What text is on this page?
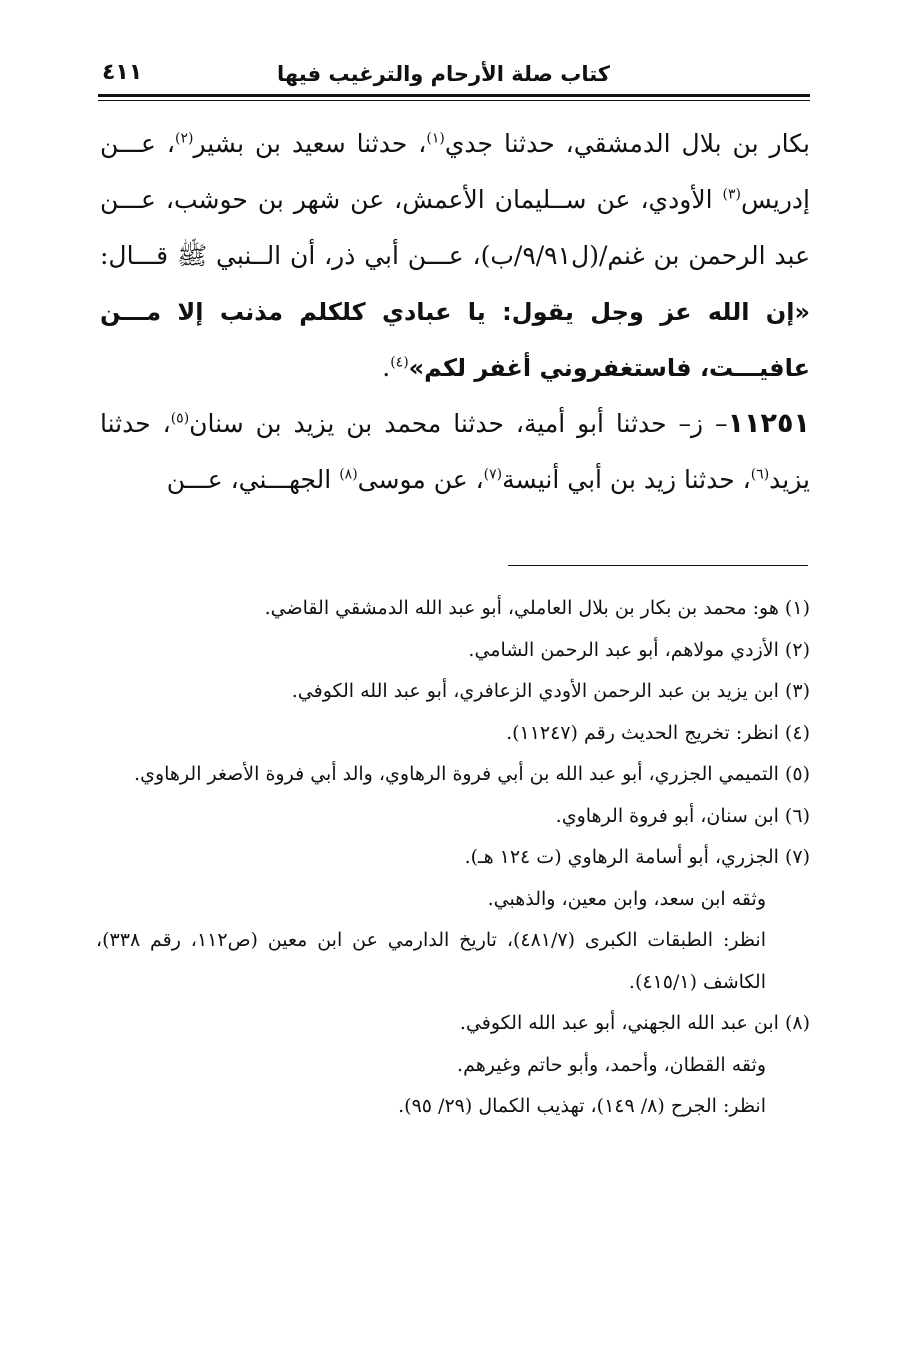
كتاب صلة الأرحام والترغيب فيها
٤١١

بكار بن بلال الدمشقي، حدثنا جدي$^{(١)}$، حدثنا سعيد بن بشير$^{(٢)}$، عـــن إدريس$^{(٣)}$ الأودي، عن ســليمان الأعمش، عن شهر بن حوشب، عـــن عبد الرحمن بن غنم/(ل٩/٩١/ب)، عـــن أبي ذر، أن الــنبي ﷺ قـــال: «إن الله عز وجل يقول: يا عبادي كلكلم مذنب إلا مـــن عافيـــت، فاستغفروني أغفر لكم»$^{(٤)}$.

١١٢٥١– ز– حدثنا أبو أمية، حدثنا محمد بن يزيد بن سنان$^{(٥)}$، حدثنا يزيد$^{(٦)}$، حدثنا زيد بن أبي أنيسة$^{(٧)}$، عن موسى$^{(٨)}$ الجهـــني، عـــن

(١) هو: محمد بن بكار بن بلال العاملي، أبو عبد الله الدمشقي القاضي.

(٢) الأزدي مولاهم، أبو عبد الرحمن الشامي.

(٣) ابن يزيد بن عبد الرحمن الأودي الزعافري، أبو عبد الله الكوفي.

(٤) انظر: تخريج الحديث رقم (١١٢٤٧).

(٥) التميمي الجزري، أبو عبد الله بن أبي فروة الرهاوي، والد أبي فروة الأصغر الرهاوي.

(٦) ابن سنان، أبو فروة الرهاوي.

(٧) الجزري، أبو أسامة الرهاوي (ت ١٢٤ هـ).

وثقه ابن سعد، وابن معين، والذهبي.

انظر: الطبقات الكبرى (٤٨١/٧)، تاريخ الدارمي عن ابن معين (ص١١٢، رقم ٣٣٨)، الكاشف (٤١٥/١).

(٨) ابن عبد الله الجهني، أبو عبد الله الكوفي.

وثقه القطان، وأحمد، وأبو حاتم وغيرهم.

انظر: الجرح (٨/ ١٤٩)، تهذيب الكمال (٢٩/ ٩٥).
